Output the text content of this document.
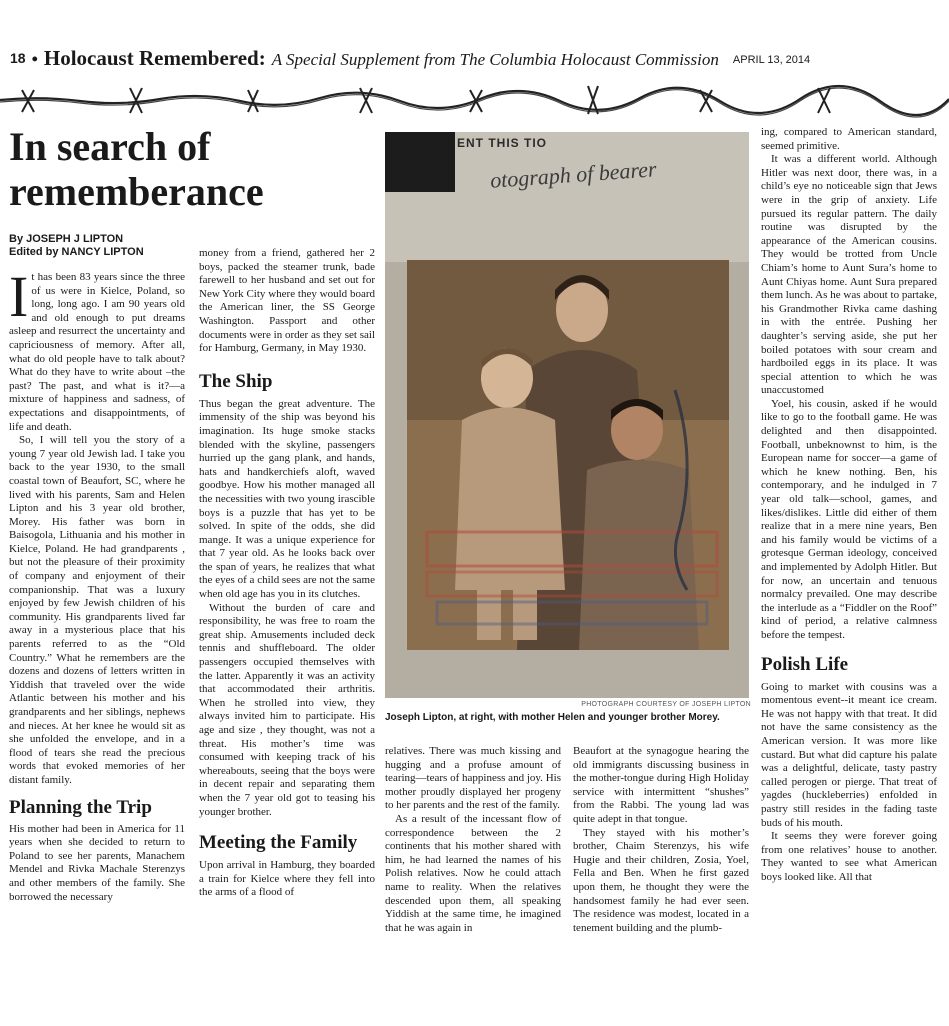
18 • Holocaust Remembered: A Special Supplement from The Columbia Holocaust Commission APRIL 13, 2014
In search of
rememberance
By JOSEPH J LIPTON
Edited by NANCY LIPTON

It has been 83 years since the three of us were in Kielce, Poland, so long, long ago. I am 90 years old and old enough to put dreams asleep and resurrect the uncertainty and capriciousness of memory. After all, what do old people have to talk about? What do they have to write about –the past? The past, and what is it?—a mixture of happiness and sadness, of expectations and disappointments, of life and death.

So, I will tell you the story of a young 7 year old Jewish lad. I take you back to the year 1930, to the small coastal town of Beaufort, SC, where he lived with his parents, Sam and Helen Lipton and his 3 year old brother, Morey. His father was born in Baisogola, Lithuania and his mother in Kielce, Poland. He had grandparents , but not the pleasure of their proximity of company and enjoyment of their companionship. That was a luxury enjoyed by few Jewish children of his community. His grandparents lived far away in a mysterious place that his parents referred to as the “Old Country.” What he remembers are the dozens and dozens of letters written in Yiddish that traveled over the wide Atlantic between his mother and his grandparents and her siblings, nephews and nieces. At her knee he would sit as she unfolded the envelope, and in a flood of tears she read the precious words that evoked memories of her distant family.

Planning the Trip

His mother had been in America for 11 years when she decided to return to Poland to see her parents, Manachem Mendel and Rivka Machale Sterenzys and other members of the family. She borrowed the necessary

money from a friend, gathered her 2 boys, packed the steamer trunk, bade farewell to her husband and set out for New York City where they would board the American liner, the SS George Washington. Passport and other documents were in order as they set sail for Hamburg, Germany, in May 1930.

The Ship

Thus began the great adventure. The immensity of the ship was beyond his imagination. Its huge smoke stacks blended with the skyline, passengers hurried up the gang plank, and hands, hats and handkerchiefs aloft, waved goodbye. How his mother managed all the necessities with two young irascible boys is a puzzle that has yet to be solved. In spite of the odds, she did mange. It was a unique experience for that 7 year old. As he looks back over the span of years, he realizes that what the eyes of a child sees are not the same when old age has you in its clutches.

Without the burden of care and responsibility, he was free to roam the great ship. Amusements included deck tennis and shuffleboard. The older passengers occupied themselves with the latter. Apparently it was an activity that accommodated their arthritis. When he strolled into view, they always invited him to participate. His age and size , they thought, was not a threat. His mother’s time was consumed with keeping track of his whereabouts, seeing that the boys were in decent repair and separating them when the 7 year old got to teasing his younger brother.

Meeting the Family

Upon arrival in Hamburg, they boarded a train for Kielce where they fell into the arms of a flood of

ENT THIS TIO
otograph of bearer
PHOTOGRAPH COURTESY OF JOSEPH LIPTON
Joseph Lipton, at right, with mother Helen and younger brother Morey.

relatives. There was much kissing and hugging and a profuse amount of tearing—tears of happiness and joy. His mother proudly displayed her progeny to her parents and the rest of the family.

As a result of the incessant flow of correspondence between the 2 continents that his mother shared with him, he had learned the names of his Polish relatives. Now he could attach name to reality. When the relatives descended upon them, all speaking Yiddish at the same time, he imagined that he was again in

Beaufort at the synagogue hearing the old immigrants discussing business in the mother-tongue during High Holiday service with intermittent “shushes” from the Rabbi. The young lad was quite adept in that tongue.

They stayed with his mother’s brother, Chaim Sterenzys, his wife Hugie and their children, Zosia, Yoel, Fella and Ben. When he first gazed upon them, he thought they were the handsomest family he had ever seen. The residence was modest, located in a tenement building and the plumb-

ing, compared to American standard, seemed primitive.

It was a different world. Although Hitler was next door, there was, in a child’s eye no noticeable sign that Jews were in the grip of anxiety. Life pursued its regular pattern. The daily routine was disrupted by the appearance of the American cousins. They would be trotted from Uncle Chiam’s home to Aunt Sura’s home to Aunt Chiyas home. Aunt Sura prepared them lunch. As he was about to partake, his Grandmother Rivka came dashing in with the entrée. Pushing her daughter’s serving aside, she put her boiled potatoes with sour cream and hardboiled eggs in its place. It was special attention to which he was unaccustomed

Yoel, his cousin, asked if he would like to go to the football game. He was delighted and then disappointed. Football, unbeknownst to him, is the European name for soccer—a game of which he knew nothing. Ben, his contemporary, and he indulged in 7 year old talk—school, games, and likes/dislikes. Little did either of them realize that in a mere nine years, Ben and his family would be victims of a grotesque German ideology, conceived and implemented by Adolph Hitler. But for now, an uncertain and tenuous normalcy prevailed. One may describe the interlude as a “Fiddler on the Roof” kind of period, a relative calmness before the tempest.

Polish Life

Going to market with cousins was a momentous event--it meant ice cream. He was not happy with that treat. It did not have the same consistency as the American version. It was more like custard. But what did capture his palate was a delightful, delicate, tasty pastry called perogen or pierge. That treat of yagdes (huckleberries) enfolded in pastry still resides in the fading taste buds of his mouth.

It seems they were forever going from one relatives’ house to another. They wanted to see what American boys looked like. All that
